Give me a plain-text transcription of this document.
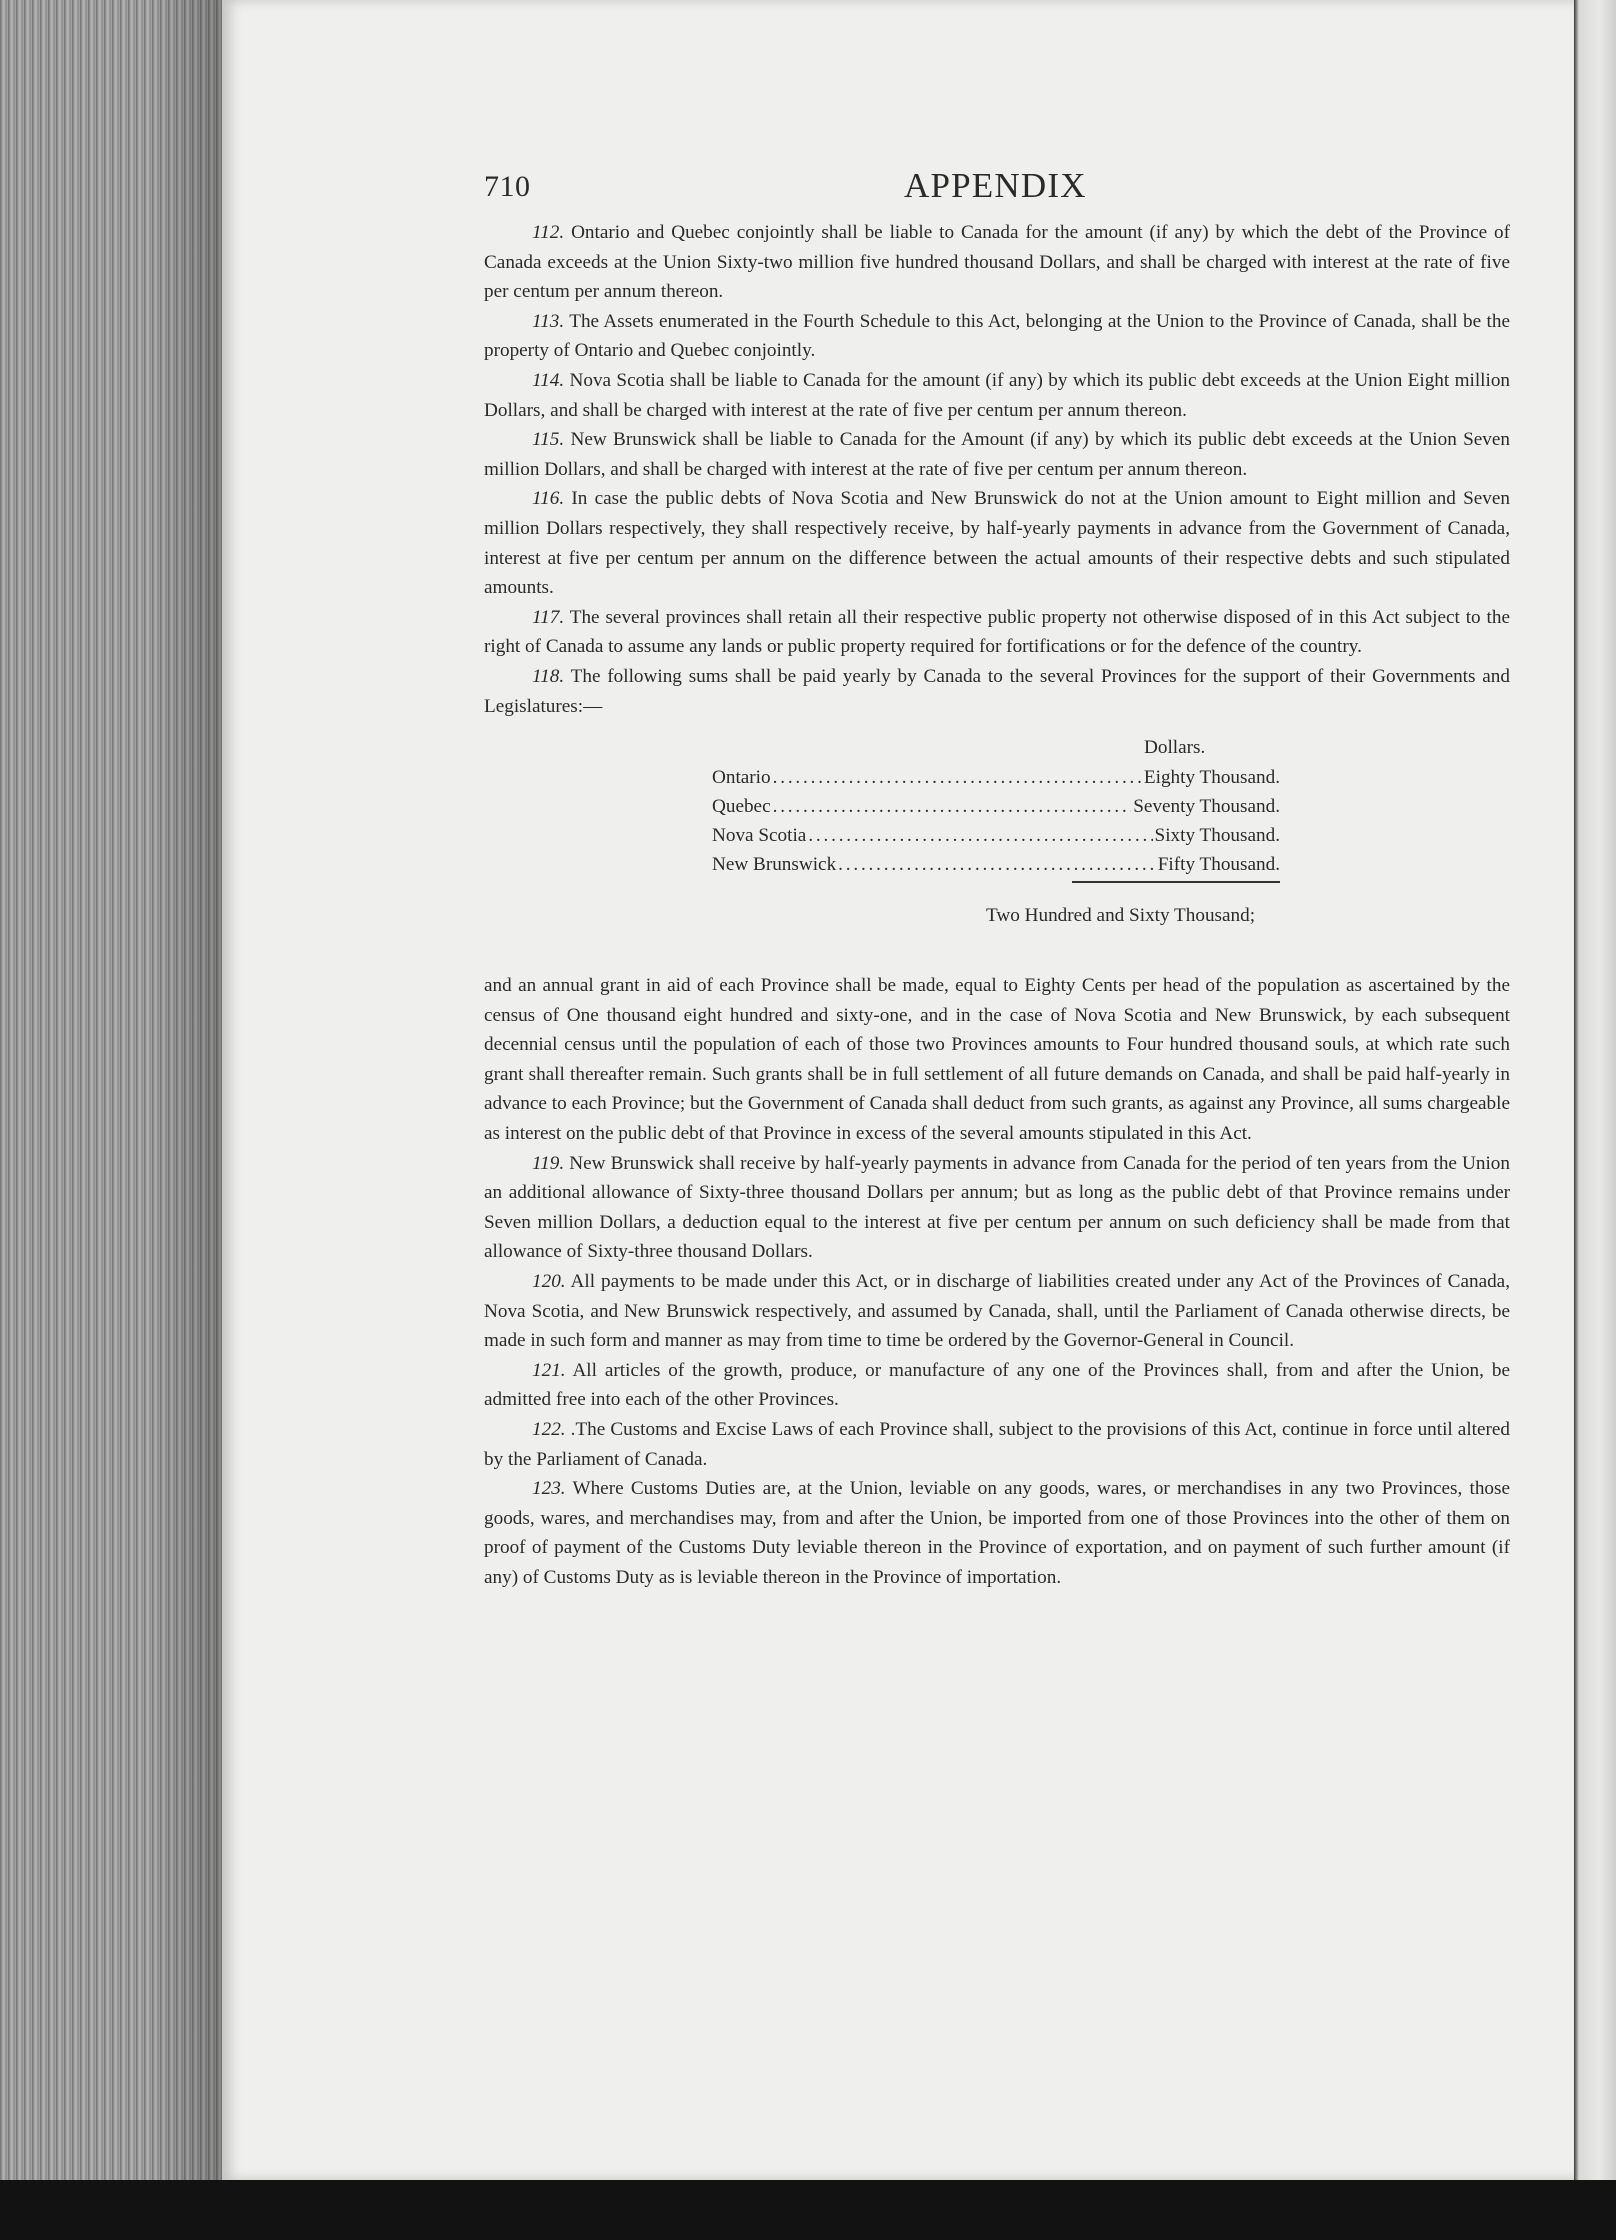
710	APPENDIX

112. Ontario and Quebec conjointly shall be liable to Canada for the amount (if any) by which the debt of the Province of Canada exceeds at the Union Sixty-two million five hundred thousand Dollars, and shall be charged with interest at the rate of five per centum per annum thereon.

113. The Assets enumerated in the Fourth Schedule to this Act, belonging at the Union to the Province of Canada, shall be the property of Ontario and Quebec conjointly.

114. Nova Scotia shall be liable to Canada for the amount (if any) by which its public debt exceeds at the Union Eight million Dollars, and shall be charged with interest at the rate of five per centum per annum thereon.

115. New Brunswick shall be liable to Canada for the Amount (if any) by which its public debt exceeds at the Union Seven million Dollars, and shall be charged with interest at the rate of five per centum per annum thereon.

116. In case the public debts of Nova Scotia and New Brunswick do not at the Union amount to Eight million and Seven million Dollars respectively, they shall respectively receive, by half-yearly payments in advance from the Government of Canada, interest at five per centum per annum on the difference between the actual amounts of their respective debts and such stipulated amounts.

117. The several provinces shall retain all their respective public property not otherwise disposed of in this Act subject to the right of Canada to assume any lands or public property required for fortifications or for the defence of the country.

118. The following sums shall be paid yearly by Canada to the several Provinces for the support of their Governments and Legislatures:—

Dollars.
Ontario . . .	Eighty Thousand.
Quebec . . .	Seventy Thousand.
Nova Scotia . . .	Sixty Thousand.
New Brunswick . . .	Fifty Thousand.
Two Hundred and Sixty Thousand;

and an annual grant in aid of each Province shall be made, equal to Eighty Cents per head of the population as ascertained by the census of One thousand eight hundred and sixty-one, and in the case of Nova Scotia and New Brunswick, by each subsequent decennial census until the population of each of those two Provinces amounts to Four hundred thousand souls, at which rate such grant shall thereafter remain. Such grants shall be in full settlement of all future demands on Canada, and shall be paid half-yearly in advance to each Province; but the Government of Canada shall deduct from such grants, as against any Province, all sums chargeable as interest on the public debt of that Province in excess of the several amounts stipulated in this Act.

119. New Brunswick shall receive by half-yearly payments in advance from Canada for the period of ten years from the Union an additional allowance of Sixty-three thousand Dollars per annum; but as long as the public debt of that Province remains under Seven million Dollars, a deduction equal to the interest at five per centum per annum on such deficiency shall be made from that allowance of Sixty-three thousand Dollars.

120. All payments to be made under this Act, or in discharge of liabilities created under any Act of the Provinces of Canada, Nova Scotia, and New Brunswick respectively, and assumed by Canada, shall, until the Parliament of Canada otherwise directs, be made in such form and manner as may from time to time be ordered by the Governor-General in Council.

121. All articles of the growth, produce, or manufacture of any one of the Provinces shall, from and after the Union, be admitted free into each of the other Provinces.

122. .The Customs and Excise Laws of each Province shall, subject to the provisions of this Act, continue in force until altered by the Parliament of Canada.

123. Where Customs Duties are, at the Union, leviable on any goods, wares, or merchandises in any two Provinces, those goods, wares, and merchandises may, from and after the Union, be imported from one of those Provinces into the other of them on proof of payment of the Customs Duty leviable thereon in the Province of exportation, and on payment of such further amount (if any) of Customs Duty as is leviable thereon in the Province of importation.
